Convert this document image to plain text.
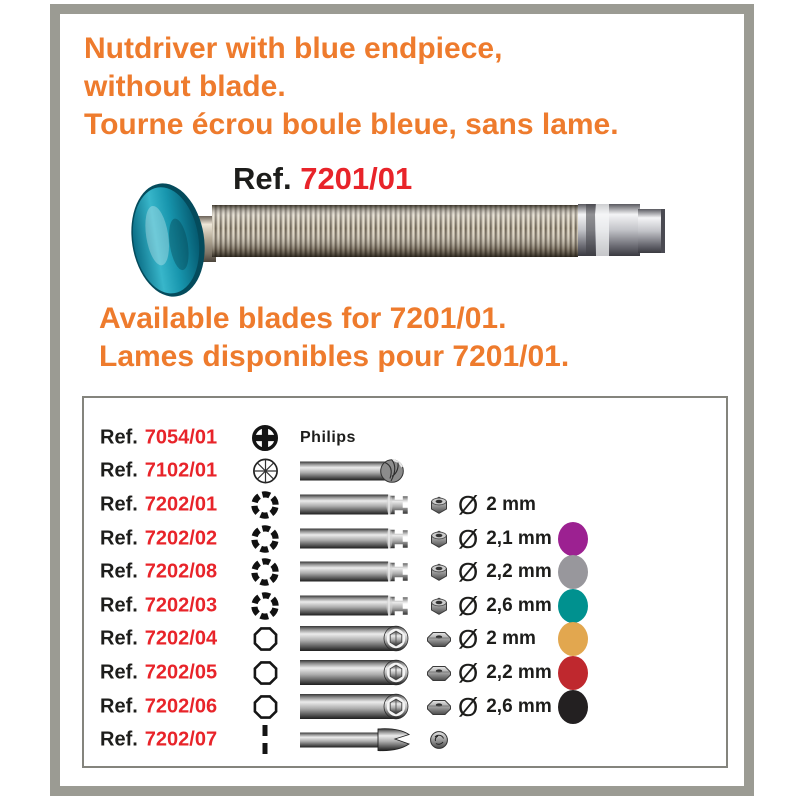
Nutdriver with blue endpiece,
without blade.
Tourne écrou boule bleue, sans lame.
Ref. 7201/01
Available blades for 7201/01.
Lames disponibles pour 7201/01.
Ref. 7054/01	Philips
Ref. 7102/01
Ref. 7202/01	Ø 2 mm
Ref. 7202/02	Ø 2,1 mm
Ref. 7202/08	Ø 2,2 mm
Ref. 7202/03	Ø 2,6 mm
Ref. 7202/04	Ø 2 mm
Ref. 7202/05	Ø 2,2 mm
Ref. 7202/06	Ø 2,6 mm
Ref. 7202/07
